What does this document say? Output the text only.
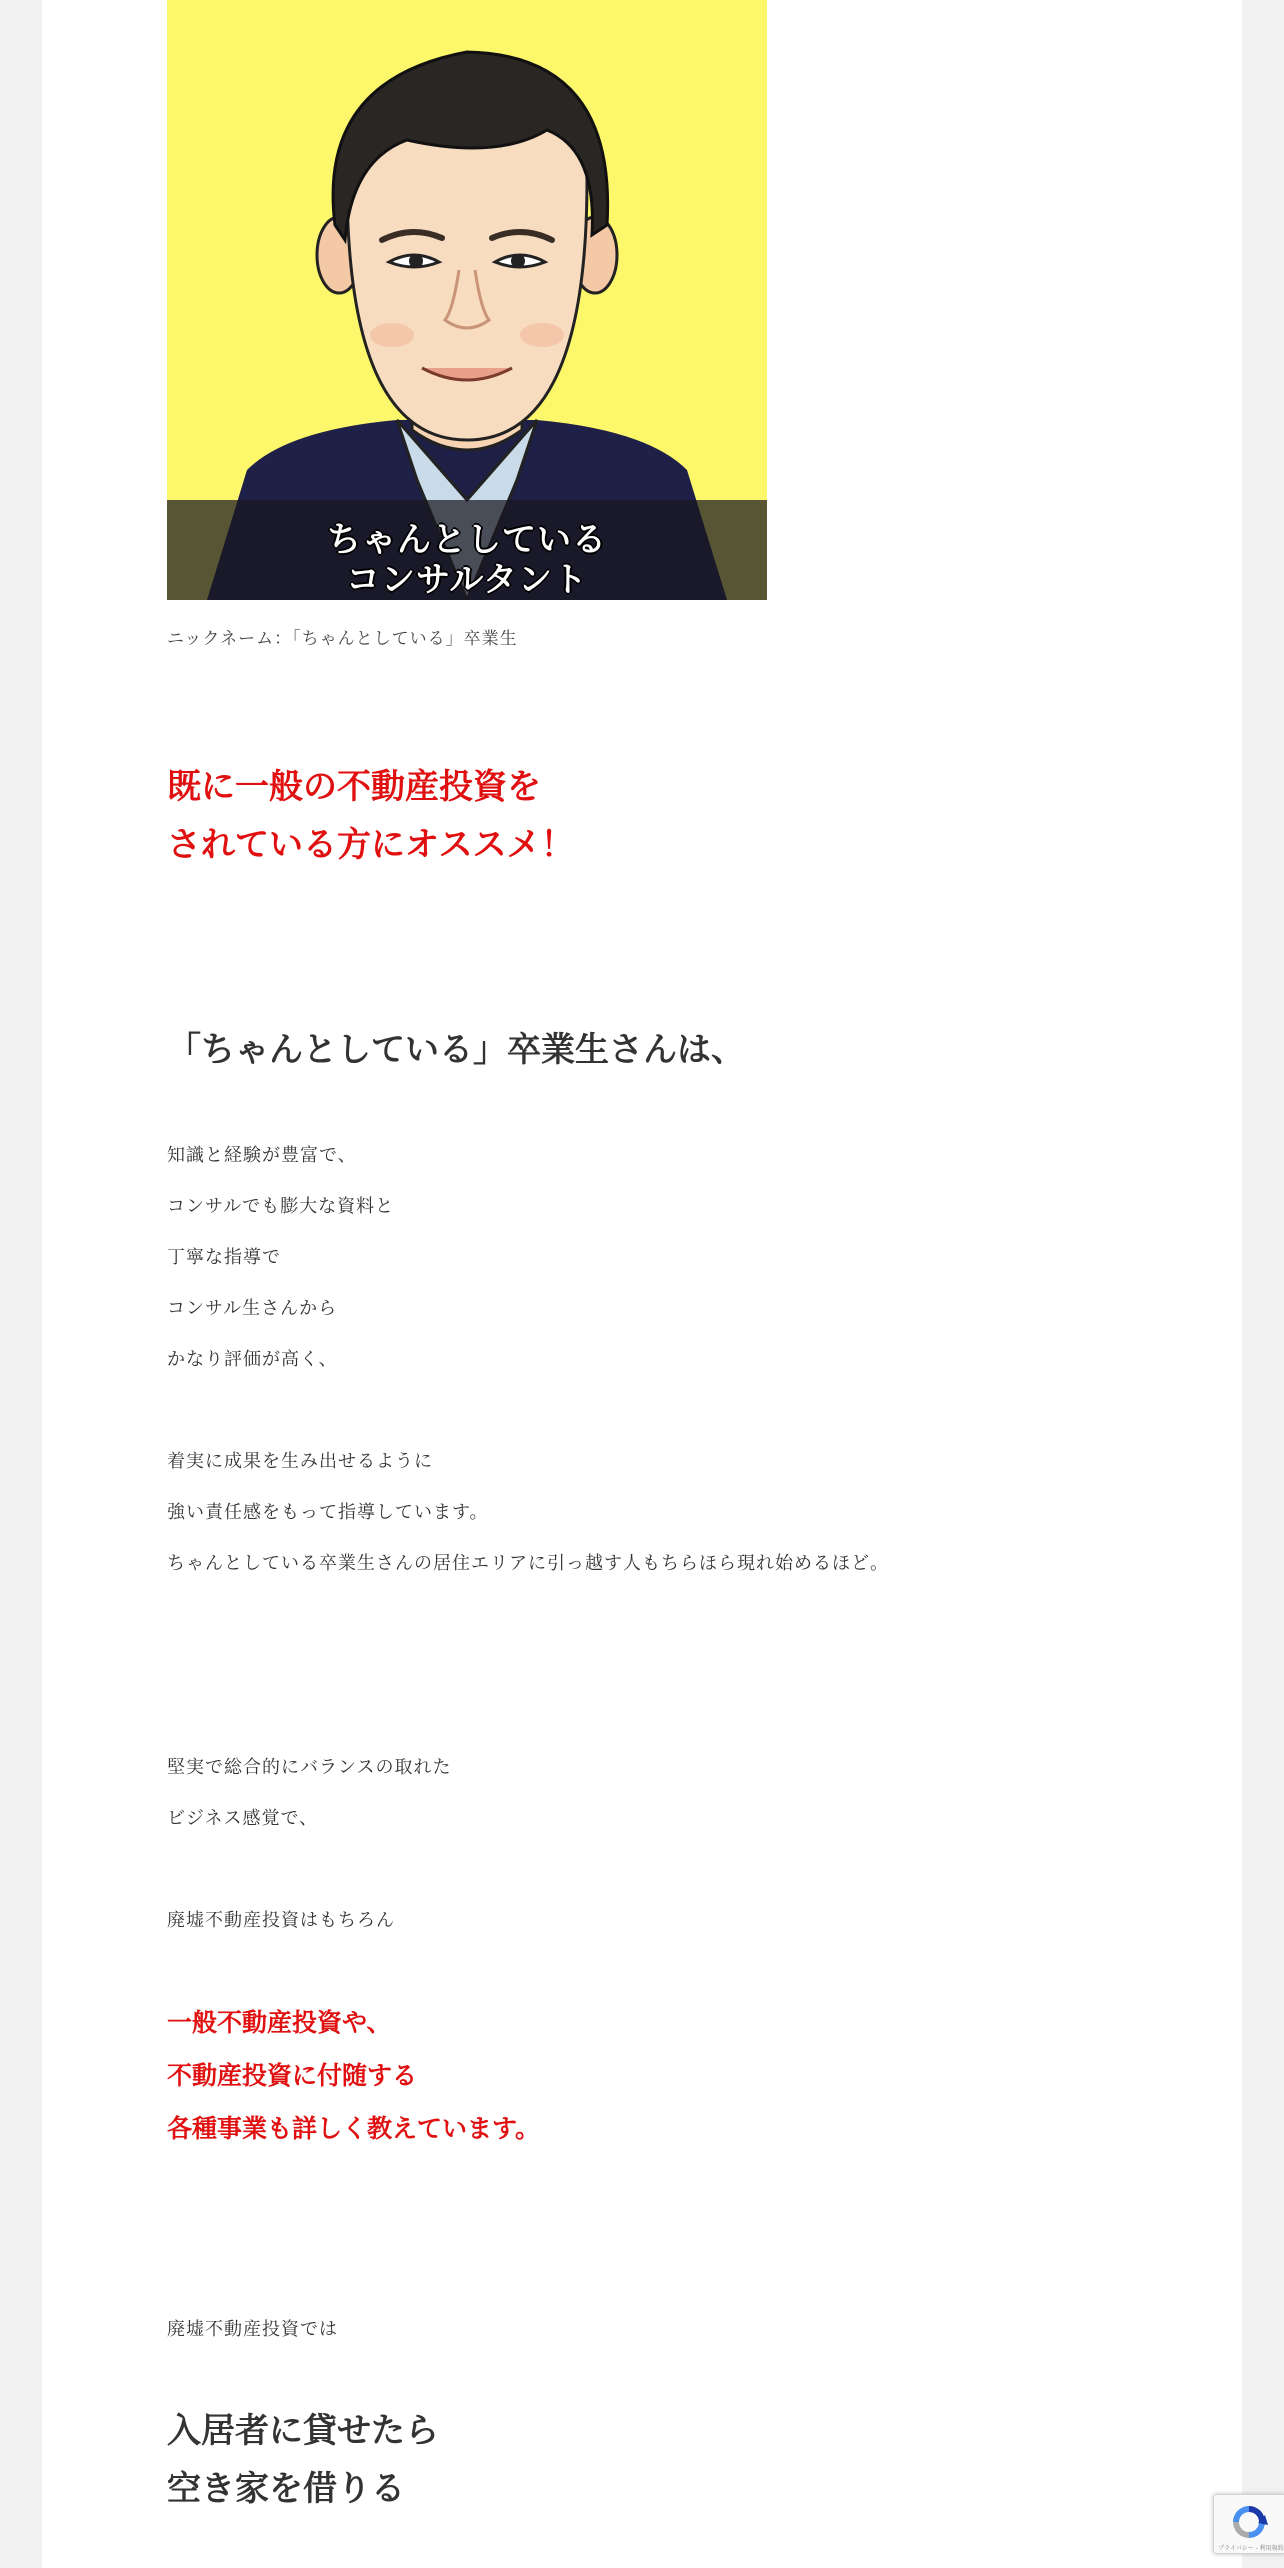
ちゃんとしている
コンサルタント
ニックネーム：「ちゃんとしている」卒業生
既に一般の不動産投資を
されている方にオススメ！
「ちゃんとしている」卒業生さんは、
知識と経験が豊富で、
コンサルでも膨大な資料と
丁寧な指導で
コンサル生さんから
かなり評価が高く、
着実に成果を生み出せるように
強い責任感をもって指導しています。
ちゃんとしている卒業生さんの居住エリアに引っ越す人もちらほら現れ始めるほど。
堅実で総合的にバランスの取れた
ビジネス感覚で、
廃墟不動産投資はもちろん
一般不動産投資や、
不動産投資に付随する
各種事業も詳しく教えています。
廃墟不動産投資では
入居者に貸せたら
空き家を借りる
プライバシー - 利用規約
